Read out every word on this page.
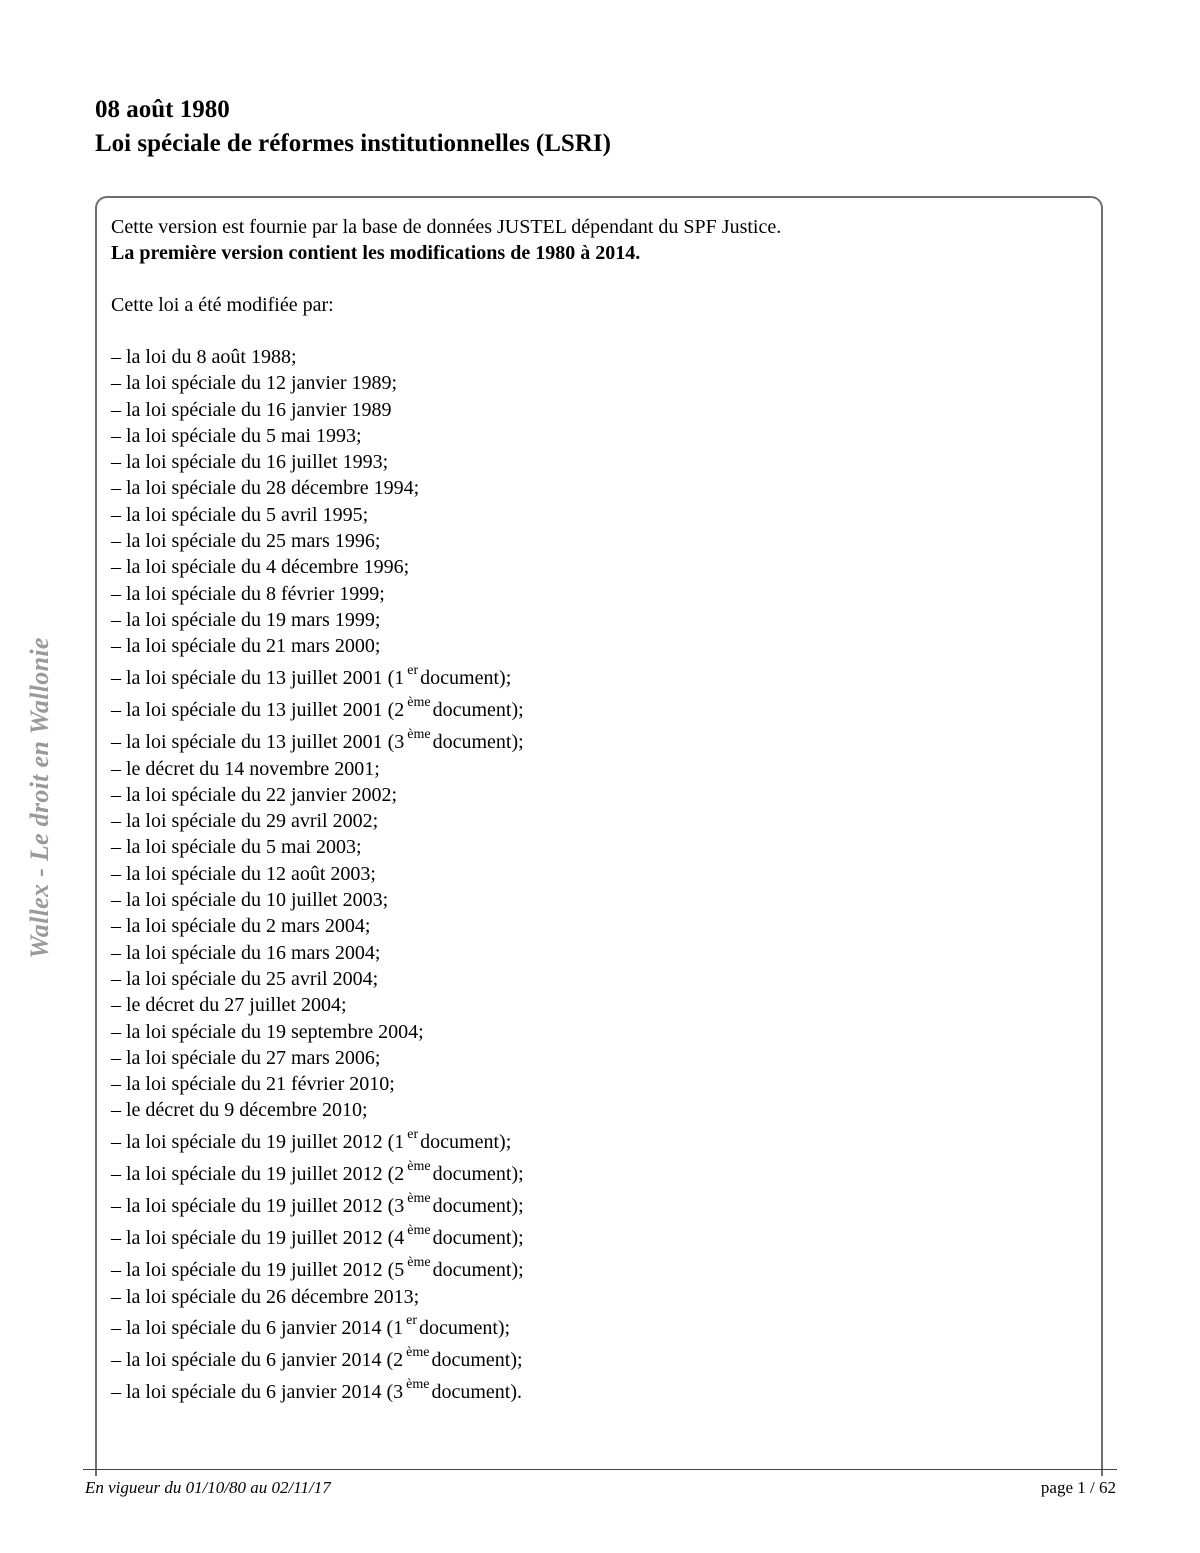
08 août 1980
Loi spéciale de réformes institutionnelles (LSRI)
Wallex - Le droit en Wallonie
Cette version est fournie par la base de données JUSTEL dépendant du SPF Justice.
La première version contient les modifications de 1980 à 2014.
Cette loi a été modifiée par:
– la loi du 8 août 1988;
– la loi spéciale du 12 janvier 1989;
– la loi spéciale du 16 janvier 1989
– la loi spéciale du 5 mai 1993;
– la loi spéciale du 16 juillet 1993;
– la loi spéciale du 28 décembre 1994;
– la loi spéciale du 5 avril 1995;
– la loi spéciale du 25 mars 1996;
– la loi spéciale du 4 décembre 1996;
– la loi spéciale du 8 février 1999;
– la loi spéciale du 19 mars 1999;
– la loi spéciale du 21 mars 2000;
– la loi spéciale du 13 juillet 2001 (1 $^{er}$ document);
– la loi spéciale du 13 juillet 2001 (2 $^{ème}$ document);
– la loi spéciale du 13 juillet 2001 (3 $^{ème}$ document);
– le décret du 14 novembre 2001;
– la loi spéciale du 22 janvier 2002;
– la loi spéciale du 29 avril 2002;
– la loi spéciale du 5 mai 2003;
– la loi spéciale du 12 août 2003;
– la loi spéciale du 10 juillet 2003;
– la loi spéciale du 2 mars 2004;
– la loi spéciale du 16 mars 2004;
– la loi spéciale du 25 avril 2004;
– le décret du 27 juillet 2004;
– la loi spéciale du 19 septembre 2004;
– la loi spéciale du 27 mars 2006;
– la loi spéciale du 21 février 2010;
– le décret du 9 décembre 2010;
– la loi spéciale du 19 juillet 2012 (1 $^{er}$ document);
– la loi spéciale du 19 juillet 2012 (2 $^{ème}$ document);
– la loi spéciale du 19 juillet 2012 (3 $^{ème}$ document);
– la loi spéciale du 19 juillet 2012 (4 $^{ème}$ document);
– la loi spéciale du 19 juillet 2012 (5 $^{ème}$ document);
– la loi spéciale du 26 décembre 2013;
– la loi spéciale du 6 janvier 2014 (1 $^{er}$ document);
– la loi spéciale du 6 janvier 2014 (2 $^{ème}$ document);
– la loi spéciale du 6 janvier 2014 (3 $^{ème}$ document).
En vigueur du 01/10/80 au 02/11/17	page 1 / 62
